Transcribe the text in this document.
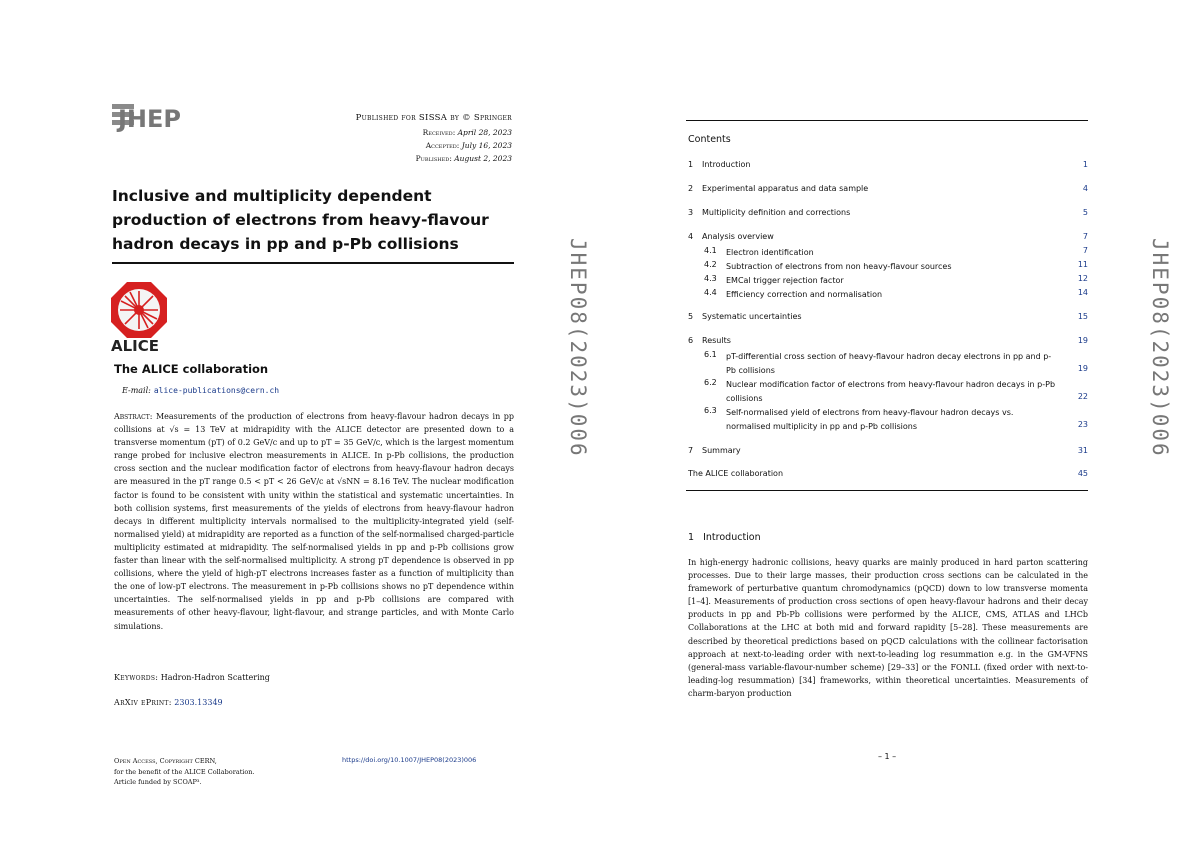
JHEP	Published for SISSA by © Springer
Received: April 28, 2023
Accepted: July 16, 2023
Published: August 2, 2023
Inclusive and multiplicity dependent production of electrons from heavy-flavour hadron decays in pp and p-Pb collisions
ALICE
The ALICE collaboration
E-mail: alice-publications@cern.ch
Abstract: Measurements of the production of electrons from heavy-flavour hadron decays in pp collisions at √s = 13 TeV at midrapidity with the ALICE detector are presented down to a transverse momentum (pT) of 0.2 GeV/c and up to pT = 35 GeV/c, which is the largest momentum range probed for inclusive electron measurements in ALICE. In p-Pb collisions, the production cross section and the nuclear modification factor of electrons from heavy-flavour hadron decays are measured in the pT range 0.5 < pT < 26 GeV/c at √sNN = 8.16 TeV. The nuclear modification factor is found to be consistent with unity within the statistical and systematic uncertainties. In both collision systems, first measurements of the yields of electrons from heavy-flavour hadron decays in different multiplicity intervals normalised to the multiplicity-integrated yield (self-normalised yield) at midrapidity are reported as a function of the self-normalised charged-particle multiplicity estimated at midrapidity. The self-normalised yields in pp and p-Pb collisions grow faster than linear with the self-normalised multiplicity. A strong pT dependence is observed in pp collisions, where the yield of high-pT electrons increases faster as a function of multiplicity than the one of low-pT electrons. The measurement in p-Pb collisions shows no pT dependence within uncertainties. The self-normalised yields in pp and p-Pb collisions are compared with measurements of other heavy-flavour, light-flavour, and strange particles, and with Monte Carlo simulations.
Keywords: Hadron-Hadron Scattering
ArXiv ePrint: 2303.13349
Open Access, Copyright CERN,
for the benefit of the ALICE Collaboration.
Article funded by SCOAP³.
https://doi.org/10.1007/JHEP08(2023)006
JHEP08(2023)006
Contents
1 Introduction	1
2 Experimental apparatus and data sample	4
3 Multiplicity definition and corrections	5
4 Analysis overview	7
4.1 Electron identification	7
4.2 Subtraction of electrons from non heavy-flavour sources	11
4.3 EMCal trigger rejection factor	12
4.4 Efficiency correction and normalisation	14
5 Systematic uncertainties	15
6 Results	19
6.1 pT-differential cross section of heavy-flavour hadron decay electrons in pp and p-Pb collisions	19
6.2 Nuclear modification factor of electrons from heavy-flavour hadron decays in p-Pb collisions	22
6.3 Self-normalised yield of electrons from heavy-flavour hadron decays vs. normalised multiplicity in pp and p-Pb collisions	23
7 Summary	31
The ALICE collaboration	45
1 Introduction
In high-energy hadronic collisions, heavy quarks are mainly produced in hard parton scattering processes. Due to their large masses, their production cross sections can be calculated in the framework of perturbative quantum chromodynamics (pQCD) down to low transverse momenta [1–4]. Measurements of production cross sections of open heavy-flavour hadrons and their decay products in pp and Pb-Pb collisions were performed by the ALICE, CMS, ATLAS and LHCb Collaborations at the LHC at both mid and forward rapidity [5–28]. These measurements are described by theoretical predictions based on pQCD calculations with the collinear factorisation approach at next-to-leading order with next-to-leading log resummation e.g. in the GM-VFNS (general-mass variable-flavour-number scheme) [29–33] or the FONLL (fixed order with next-to-leading-log resummation) [34] frameworks, within theoretical uncertainties. Measurements of charm-baryon production
– 1 –
JHEP08(2023)006
